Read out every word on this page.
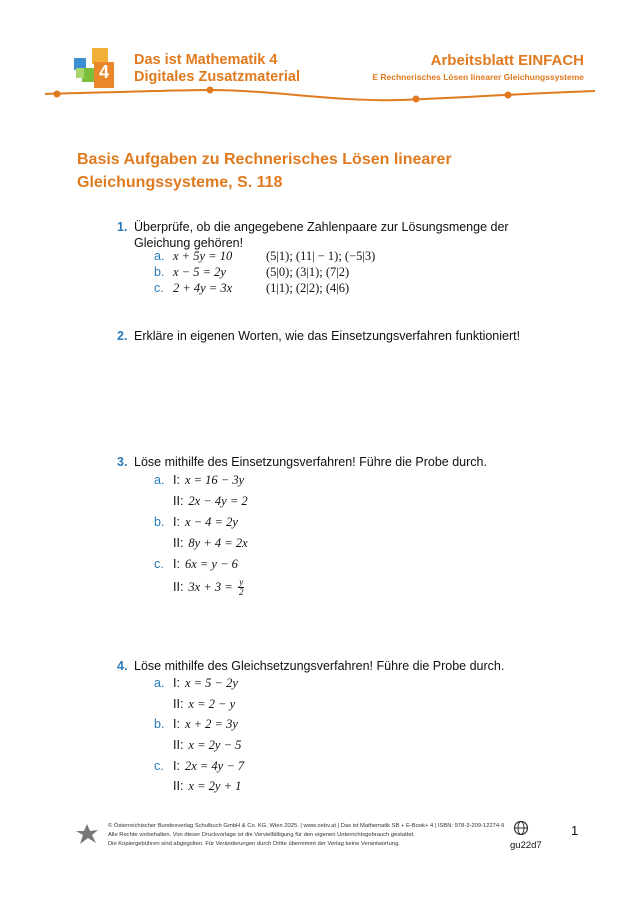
4
Das ist Mathematik 4
Digitales Zusatzmaterial
Arbeitsblatt EINFACH
E Rechnerisches Lösen linearer Gleichungssysteme
Basis Aufgaben zu Rechnerisches Lösen linearer Gleichungssysteme, S. 118
1. Überprüfe, ob die angegebene Zahlenpaare zur Lösungsmenge der Gleichung gehören!
a. x + 5y = 10	(5|1); (11| − 1); (−5|3)
b. x − 5 = 2y	(5|0); (3|1); (7|2)
c. 2 + 4y = 3x	(1|1); (2|2); (4|6)
2. Erkläre in eigenen Worten, wie das Einsetzungsverfahren funktioniert!
3. Löse mithilfe des Einsetzungsverfahren! Führe die Probe durch.
a. I: x = 16 − 3y
II: 2x − 4y = 2
b. I: x − 4 = 2y
II: 8y + 4 = 2x
c. I: 6x = y − 6
II: $3x + 3 = \frac{y}{2}$
4. Löse mithilfe des Gleichsetzungsverfahren! Führe die Probe durch.
a. I: x = 5 − 2y
II: x = 2 − y
b. I: x + 2 = 3y
II: x = 2y − 5
c. I: 2x = 4y − 7
II: x = 2y + 1
© Österreichischer Bundesverlag Schulbuch GmbH & Co. KG, Wien 2025. | www.oebv.at | Das ist Mathematik SB + E-Book+ 4 | ISBN: 978-3-209-12274-9
Alle Rechte vorbehalten. Von dieser Druckvorlage ist die Vervielfältigung für den eigenen Unterrichtsgebrauch gestattet.
Die Kopiergebühren sind abgegolten. Für Veränderungen durch Dritte übernimmt der Verlag keine Verantwortung.
1
gu22d7
